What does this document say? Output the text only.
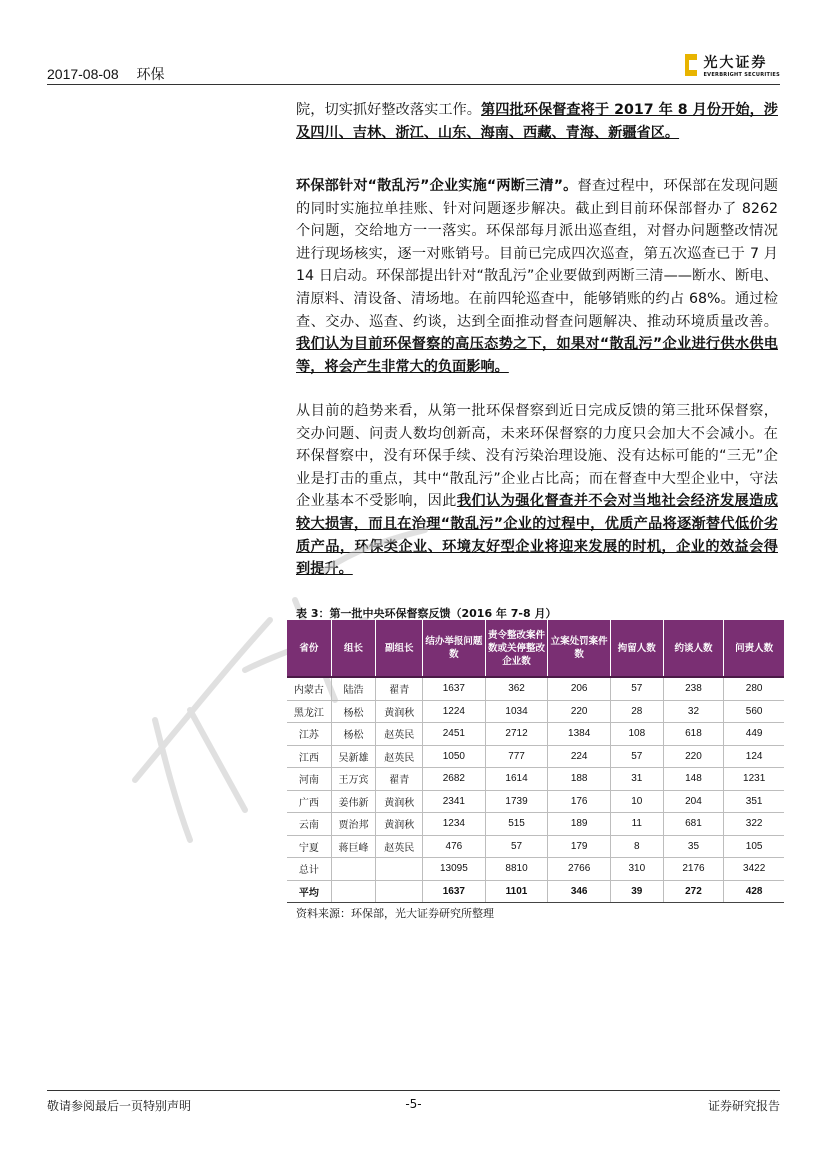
2017-08-08 环保
光大证券
EVERBRIGHT SECURITIES
院，切实抓好整改落实工作。第四批环保督查将于 2017 年 8 月份开始，涉及四川、吉林、浙江、山东、海南、西藏、青海、新疆省区。
环保部针对“散乱污”企业实施“两断三清”。督查过程中，环保部在发现问题的同时实施拉单挂账、针对问题逐步解决。截止到目前环保部督办了 8262 个问题，交给地方一一落实。环保部每月派出巡查组，对督办问题整改情况进行现场核实，逐一对账销号。目前已完成四次巡查，第五次巡查已于 7 月 14 日启动。环保部提出针对“散乱污”企业要做到两断三清——断水、断电、清原料、清设备、清场地。在前四轮巡查中，能够销账的约占 68%。通过检查、交办、巡查、约谈，达到全面推动督查问题解决、推动环境质量改善。我们认为目前环保督察的高压态势之下，如果对“散乱污”企业进行供水供电等，将会产生非常大的负面影响。
从目前的趋势来看，从第一批环保督察到近日完成反馈的第三批环保督察，交办问题、问责人数均创新高，未来环保督察的力度只会加大不会减小。在环保督察中，没有环保手续、没有污染治理设施、没有达标可能的“三无”企业是打击的重点，其中“散乱污”企业占比高；而在督查中大型企业中，守法企业基本不受影响，因此我们认为强化督查并不会对当地社会经济发展造成较大损害，而且在治理“散乱污”企业的过程中，优质产品将逐渐替代低价劣质产品，环保类企业、环境友好型企业将迎来发展的时机，企业的效益会得到提升。
表 3：第一批中央环保督察反馈（2016 年 7-8 月）
省份	组长	副组长	结办举报问题数	责令整改案件数或关停整改企业数	立案处罚案件数	拘留人数	约谈人数	问责人数
内蒙古	陆浩	翟青	1637	362	206	57	238	280
黑龙江	杨松	黄润秋	1224	1034	220	28	32	560
江苏	杨松	赵英民	2451	2712	1384	108	618	449
江西	吴新雄	赵英民	1050	777	224	57	220	124
河南	王万宾	翟青	2682	1614	188	31	148	1231
广西	姜伟新	黄润秋	2341	1739	176	10	204	351
云南	贾治邦	黄润秋	1234	515	189	11	681	322
宁夏	蒋巨峰	赵英民	476	57	179	8	35	105
总计			13095	8810	2766	310	2176	3422
平均			1637	1101	346	39	272	428
资料来源：环保部，光大证券研究所整理
敬请参阅最后一页特别声明	-5-	证券研究报告
